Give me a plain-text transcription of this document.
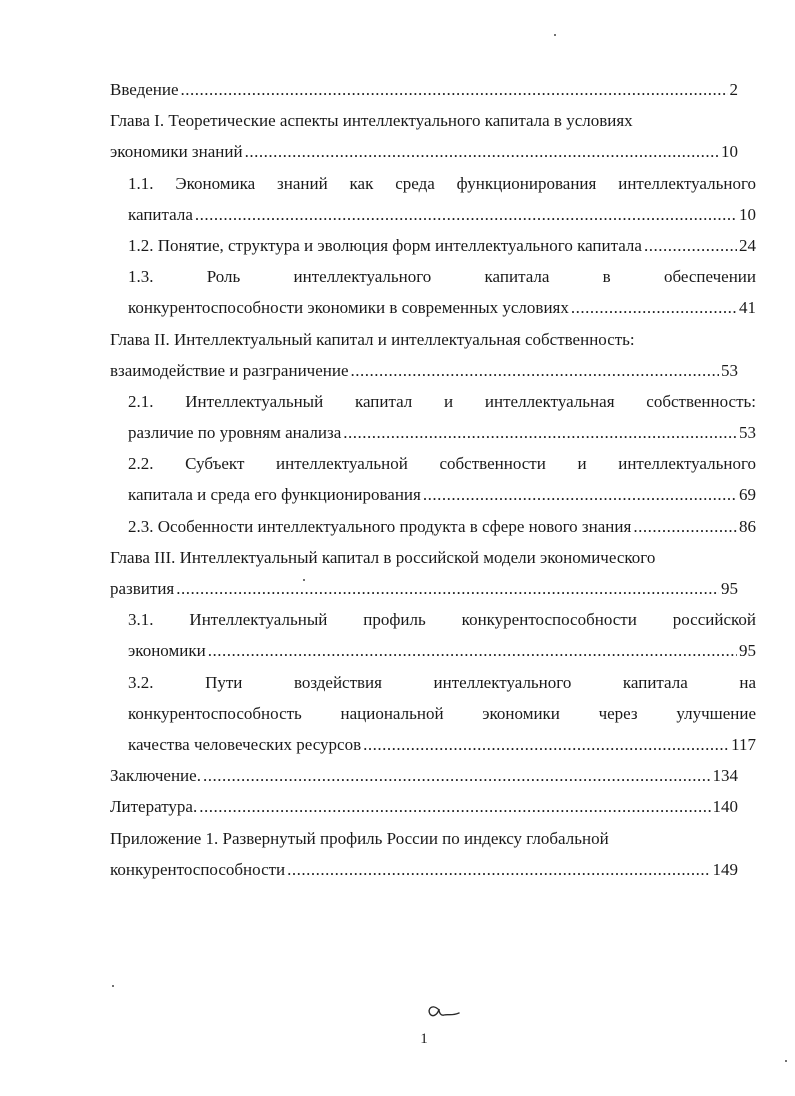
Введение .....	2
Глава I. Теоретические аспекты интеллектуального капитала в условиях
экономики знаний .....	10
1.1. Экономика знаний как среда функционирования интеллектуального
капитала .....	10
1.2. Понятие, структура и эволюция форм интеллектуального капитала .....	24
1.3. Роль интеллектуального капитала в обеспечении
конкурентоспособности экономики в современных условиях .....	41
Глава II. Интеллектуальный капитал и интеллектуальная собственность:
взаимодействие и разграничение .....	53
2.1. Интеллектуальный капитал и интеллектуальная собственность:
различие по уровням анализа .....	53
2.2. Субъект интеллектуальной собственности и интеллектуального
капитала и среда его функционирования .....	69
2.3. Особенности интеллектуального продукта в сфере нового знания .....	86
Глава III. Интеллектуальный капитал в российской модели экономического
развития .....	95
3.1. Интеллектуальный профиль конкурентоспособности российской
экономики .....	95
3.2. Пути воздействия интеллектуального капитала на
конкурентоспособность национальной экономики через улучшение
качества человеческих ресурсов .....	117
Заключение. .....	134
Литература. .....	140
Приложение 1. Развернутый профиль России по индексу глобальной
конкурентоспособности .....	149
1
